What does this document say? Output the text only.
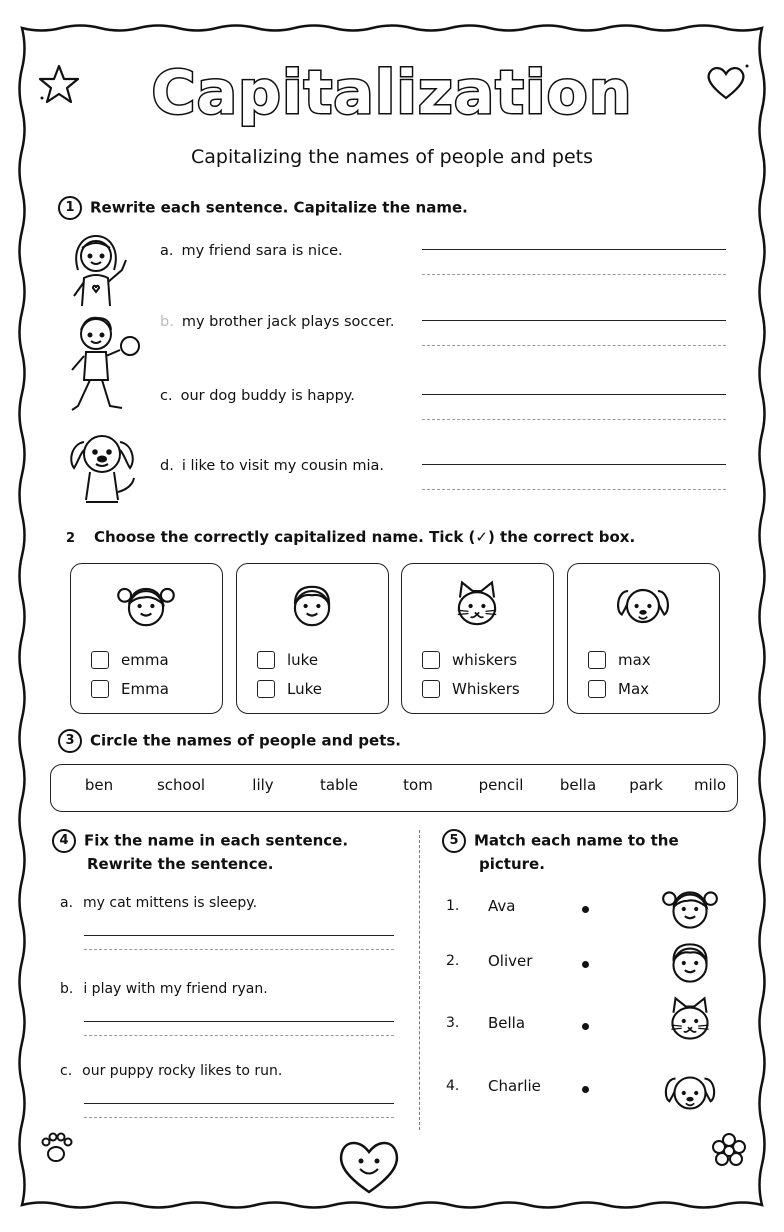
Capitalization
Capitalizing the names of people and pets
1 Rewrite each sentence. Capitalize the name.
a. my friend sara is nice.
b. my brother jack plays soccer.
c. our dog buddy is happy.
d. i like to visit my cousin mia.
2 Choose the correctly capitalized name. Tick (✓) the correct box.
emma
Emma
luke
Luke
whiskers
Whiskers
max
Max
3 Circle the names of people and pets.
ben	school	lily	table	tom	pencil	bella	park	milo
4 Fix the name in each sentence.
Rewrite the sentence.
a. my cat mittens is sleepy.
b. i play with my friend ryan.
c. our puppy rocky likes to run.
5 Match each name to the
picture.
1. Ava
2. Oliver
3. Bella
4. Charlie
